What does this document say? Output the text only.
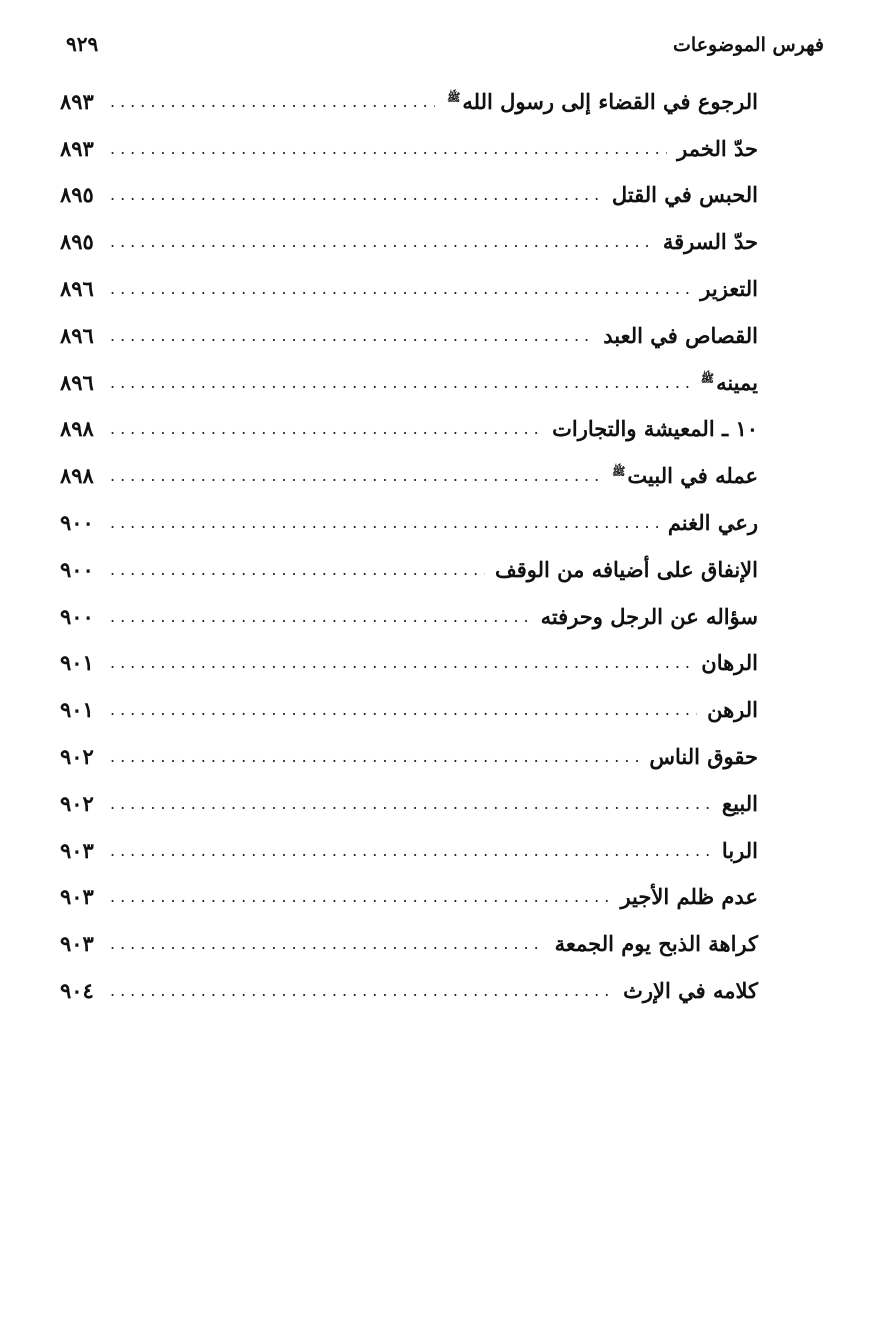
فهرس الموضوعات
٩٢٩
الرجوع في القضاء إلى رسول الله$^ﷺ$
.....
٨٩٣
حدّ الخمر
.....
٨٩٣
الحبس في القتل
.....
٨٩٥
حدّ السرقة
.....
٨٩٥
التعزير
.....
٨٩٦
القصاص في العبد
.....
٨٩٦
يمينه$^ﷺ$
.....
٨٩٦
١٠ ـ المعيشة والتجارات
.....
٨٩٨
عمله في البيت$^ﷺ$
.....
٨٩٨
رعي الغنم
.....
٩٠٠
الإنفاق على أضيافه من الوقف
.....
٩٠٠
سؤاله عن الرجل وحرفته
.....
٩٠٠
الرهان
.....
٩٠١
الرهن
.....
٩٠١
حقوق الناس
.....
٩٠٢
البيع
.....
٩٠٢
الربا
.....
٩٠٣
عدم ظلم الأجير
.....
٩٠٣
كراهة الذبح يوم الجمعة
.....
٩٠٣
كلامه في الإرث
.....
٩٠٤
